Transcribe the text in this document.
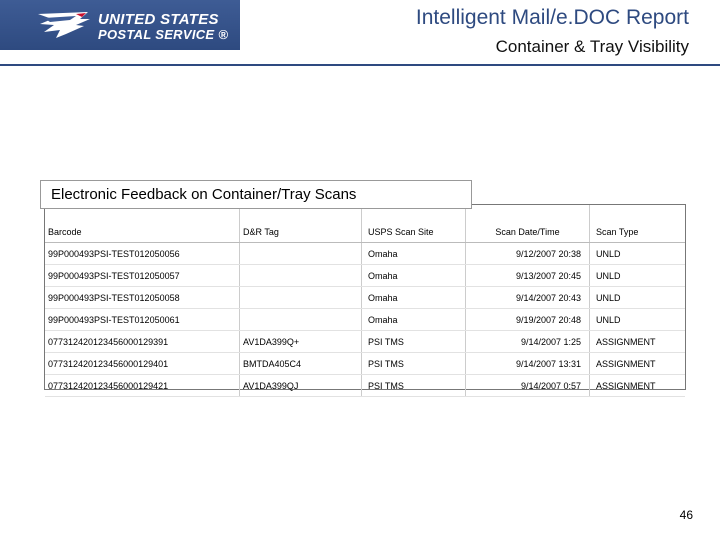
UNITED STATES
POSTAL SERVICE ®
Intelligent Mail/e.DOC Report
Container & Tray Visibility
Electronic Feedback on Container/Tray Scans
Barcode	D&R Tag	USPS Scan Site	Scan Date/Time	Scan Type
99P000493PSI-TEST012050056		Omaha	9/12/2007 20:38	UNLD
99P000493PSI-TEST012050057		Omaha	9/13/2007 20:45	UNLD
99P000493PSI-TEST012050058		Omaha	9/14/2007 20:43	UNLD
99P000493PSI-TEST012050061		Omaha	9/19/2007 20:48	UNLD
07731242012345600012939​1	AV1DA399Q+	PSI TMS	9/14/2007 1:25	ASSIGNMENT
077312420123456000129401	BMTDA405C4	PSI TMS	9/14/2007 13:31	ASSIGNMENT
077312420123456000129421	AV1DA399QJ	PSI TMS	9/14/2007 0:57	ASSIGNMENT
46
